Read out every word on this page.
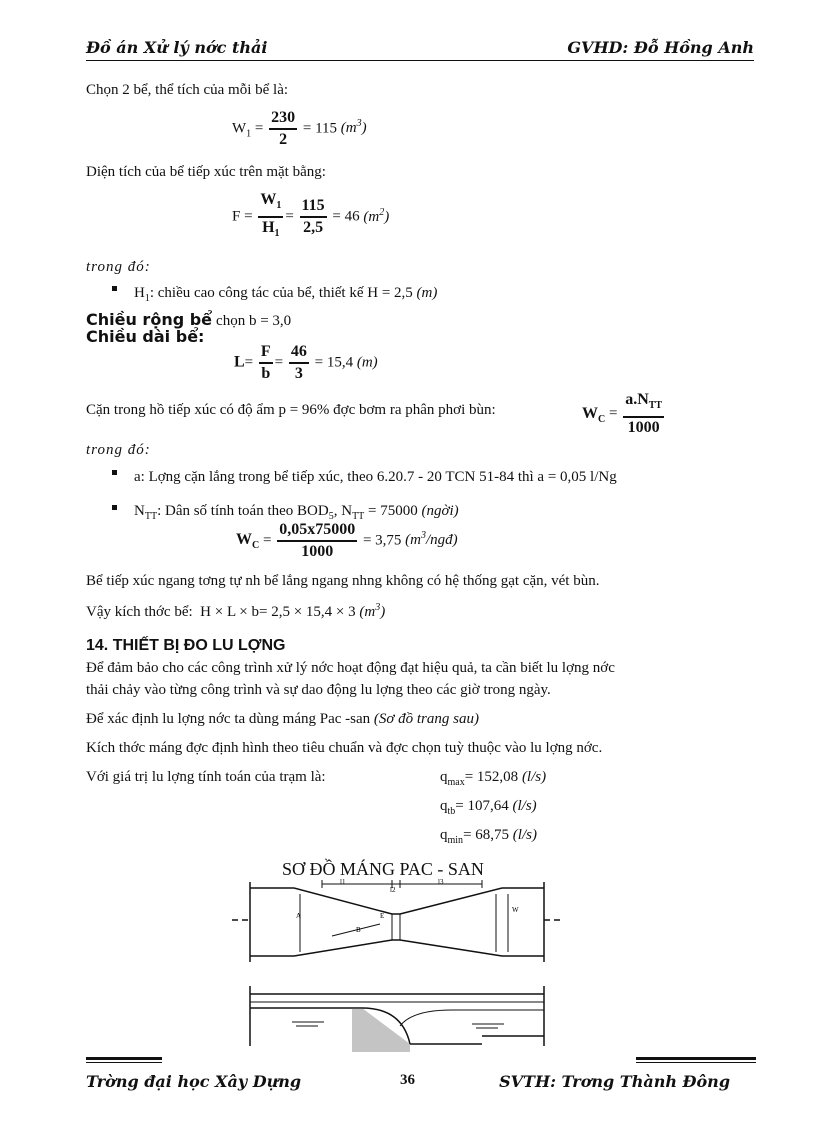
Đồ án Xử lý nớc thải	GVHD: Đỗ Hồng Anh
Chọn 2 bể, thể tích của mỗi bể là:
$W_1 = \frac{230}{2} = 115$ $(m^3)$
Diện tích của bể tiếp xúc trên mặt bằng:
$F = \frac{W_1}{H_1} = \frac{115}{2,5} = 46$ $(m^2)$
trong đó:
$H_1$: chiều cao công tác của bể, thiết kế H = 2,5 (m)
Chiều rộng bể chọn b = 3,0
Chiều dài bể:
$L= \frac{F}{b} = \frac{46}{3} = 15,4$ (m)
Cặn trong hồ tiếp xúc có độ ẩm p = 96% đợc bơm ra phân phơi bùn:	$W_C = \frac{a.N_{TT}}{1000}$
trong đó:
a: Lợng cặn lắng trong bể tiếp xúc, theo 6.20.7 - 20 TCN 51-84 thì a = 0,05 l/Ng
$N_{TT}$: Dân số tính toán theo $BOD_5$, $N_{TT} = 75000$ (ngời)
$W_C = \frac{0,05x75000}{1000} = 3,75$ $(m^3/ngđ)$
Bể tiếp xúc ngang tơng tự nh bể lắng ngang nhng không có hệ thống gạt cặn, vét bùn.
Vậy kích thớc bể: H × L × b= 2,5 × 15,4 × 3 $(m^3)$
14. THIẾT BỊ ĐO LU LỢNG
Để đảm bảo cho các công trình xử lý nớc hoạt động đạt hiệu quả, ta cần biết lu lợng nớc
thải chảy vào từng công trình và sự dao động lu lợng theo các giờ trong ngày.
Để xác định lu lợng nớc ta dùng máng Pac -san (Sơ đồ trang sau)
Kích thớc máng đợc định hình theo tiêu chuẩn và đợc chọn tuỳ thuộc vào lu lợng nớc.
Với giá trị lu lợng tính toán của trạm là:	$q_{max}= 152,08$ (l/s)
$q_{tb}= 107,64$ (l/s)
$q_{min}= 68,75$ (l/s)
SƠ ĐỒ MÁNG PAC - SAN
l1
l2
l3
A
B
E
W
Trờng đại học Xây Dựng	36	SVTH: Trơng Thành Đông
